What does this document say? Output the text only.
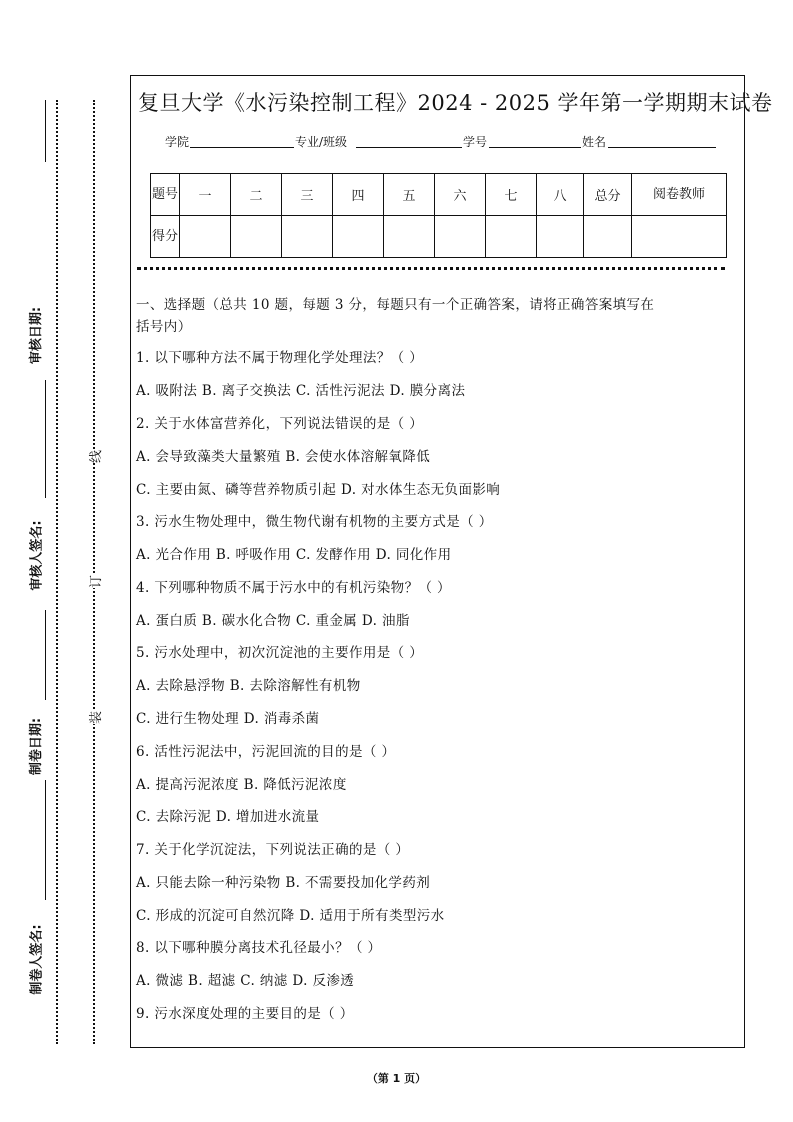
审核日期:
审核人签名:
制卷日期:
制卷人签名:
线
订
装
复旦大学《水污染控制工程》2024 - 2025 学年第一学期期末试卷
学院	专业/班级	学号	姓名
题号	一	二	三	四	五	六	七	八	总分	阅卷教师
得分										
一、选择题（总共 10 题，每题 3 分，每题只有一个正确答案，请将正确答案填写在
括号内）
1. 以下哪种方法不属于物理化学处理法？（ ）
A. 吸附法 B. 离子交换法 C. 活性污泥法 D. 膜分离法
2. 关于水体富营养化，下列说法错误的是（ ）
A. 会导致藻类大量繁殖 B. 会使水体溶解氧降低
C. 主要由氮、磷等营养物质引起 D. 对水体生态无负面影响
3. 污水生物处理中，微生物代谢有机物的主要方式是（ ）
A. 光合作用 B. 呼吸作用 C. 发酵作用 D. 同化作用
4. 下列哪种物质不属于污水中的有机污染物？（ ）
A. 蛋白质 B. 碳水化合物 C. 重金属 D. 油脂
5. 污水处理中，初次沉淀池的主要作用是（ ）
A. 去除悬浮物 B. 去除溶解性有机物
C. 进行生物处理 D. 消毒杀菌
6. 活性污泥法中，污泥回流的目的是（ ）
A. 提高污泥浓度 B. 降低污泥浓度
C. 去除污泥 D. 增加进水流量
7. 关于化学沉淀法，下列说法正确的是（ ）
A. 只能去除一种污染物 B. 不需要投加化学药剂
C. 形成的沉淀可自然沉降 D. 适用于所有类型污水
8. 以下哪种膜分离技术孔径最小？（ ）
A. 微滤 B. 超滤 C. 纳滤 D. 反渗透
9. 污水深度处理的主要目的是（ ）
（第 1 页）
